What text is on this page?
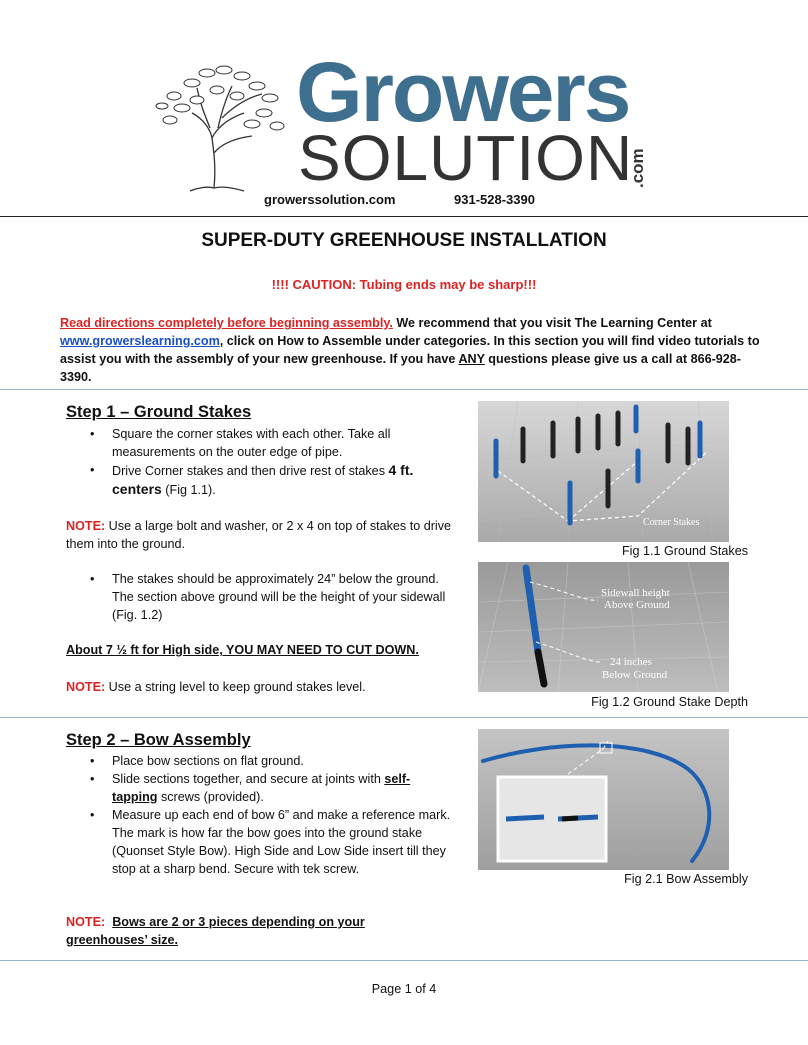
Growers
SOLUTION
.com
growerssolution.com	931-528-3390
SUPER-DUTY GREENHOUSE INSTALLATION
!!!! CAUTION: Tubing ends may be sharp!!!
Read directions completely before beginning assembly. We recommend that you visit The Learning Center at www.growerslearning.com, click on How to Assemble under categories. In this section you will find video tutorials to assist you with the assembly of your new greenhouse. If you have ANY questions please give us a call at 866-928-3390.
Step 1 – Ground Stakes
• Square the corner stakes with each other. Take all measurements on the outer edge of pipe.
• Drive Corner stakes and then drive rest of stakes 4 ft. centers (Fig 1.1).
NOTE: Use a large bolt and washer, or 2 x 4 on top of stakes to drive them into the ground.
• The stakes should be approximately 24” below the ground. The section above ground will be the height of your sidewall (Fig. 1.2)
About 7 ½ ft for High side, YOU MAY NEED TO CUT DOWN.
NOTE: Use a string level to keep ground stakes level.
Corner Stakes
Fig 1.1 Ground Stakes
Sidewall height
Above Ground
24 inches
Below Ground
Fig 1.2 Ground Stake Depth
Step 2 – Bow Assembly
• Place bow sections on flat ground.
• Slide sections together, and secure at joints with self-tapping screws (provided).
• Measure up each end of bow 6” and make a reference mark. The mark is how far the bow goes into the ground stake (Quonset Style Bow). High Side and Low Side insert till they stop at a sharp bend. Secure with tek screw.
NOTE: Bows are 2 or 3 pieces depending on your greenhouses’ size.
Fig 2.1 Bow Assembly
Page 1 of 4
